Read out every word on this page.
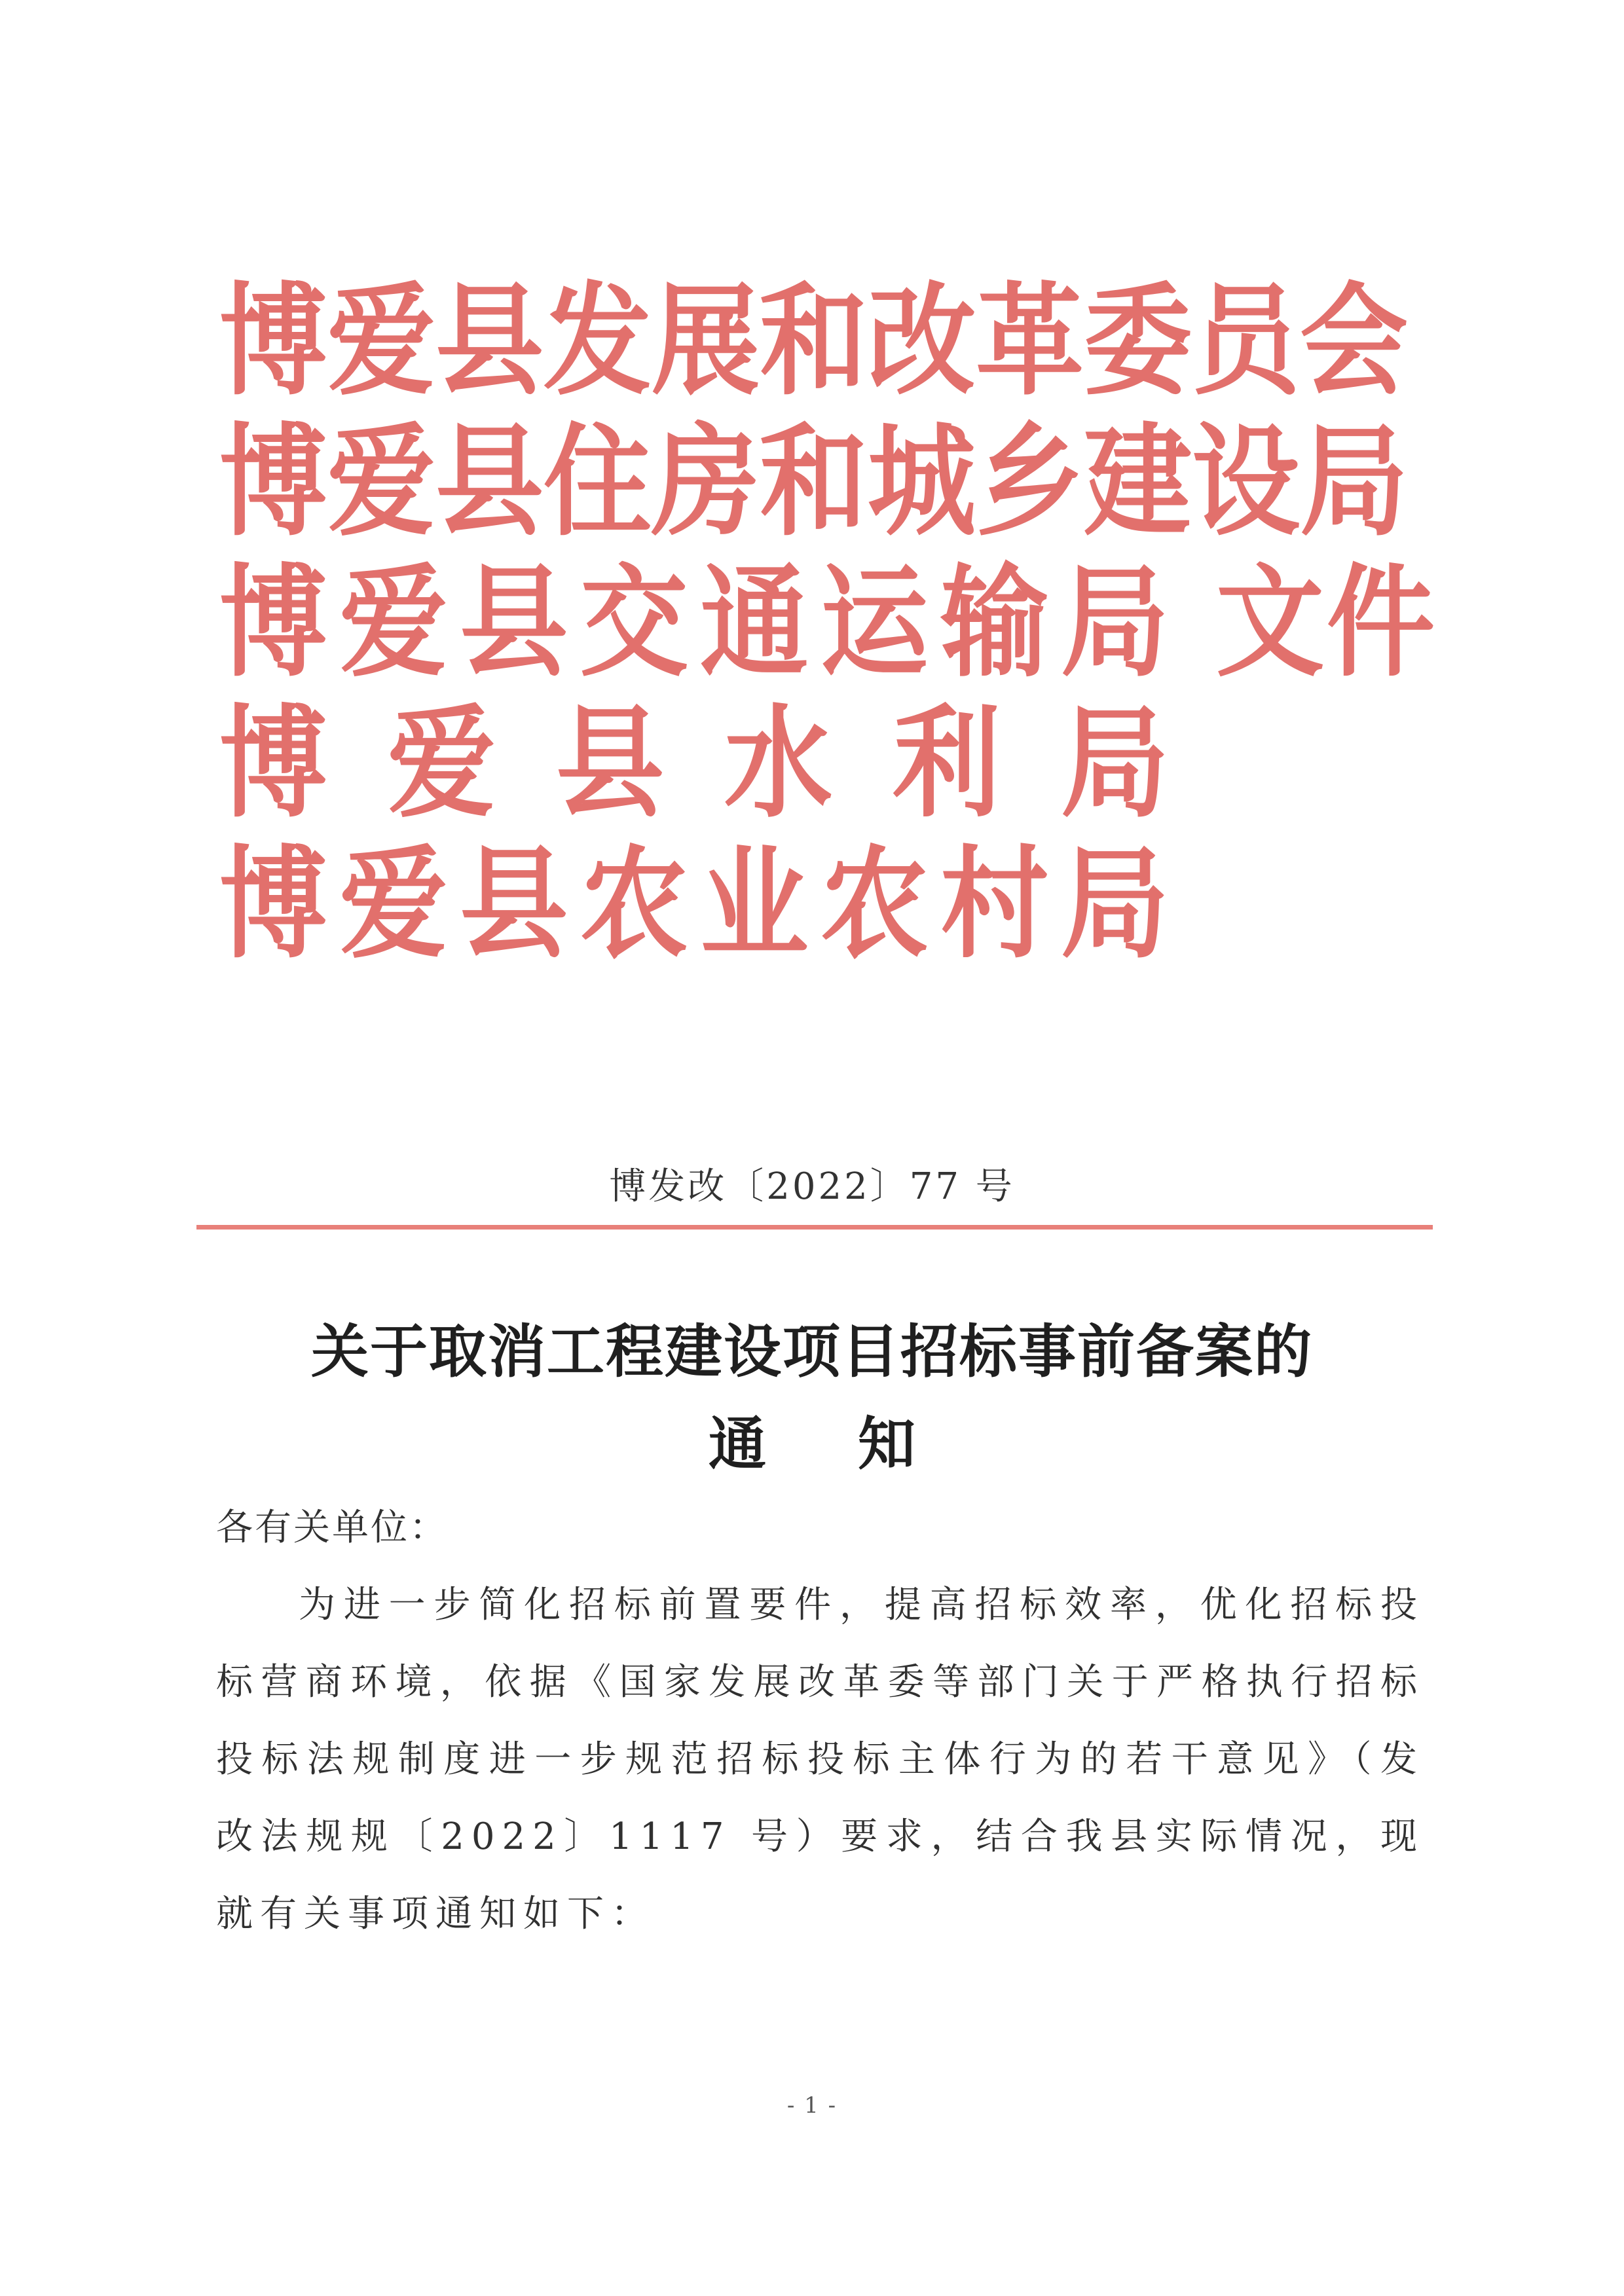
博 爱 县 发 展 和 改 革 委 员 会
博 爱 县 住 房 和 城 乡 建 设 局
博 爱 县 交 通 运 输 局
博 爱 县 水 利 局
博 爱 县 农 业 农 村 局
文件
博发改〔2022〕77 号
关于取消工程建设项目招标事前备案的
通知

各有关单位：

为进一步简化招标前置要件，提高招标效率，优化招标投标营商环境，依据《国家发展改革委等部门关于严格执行招标投标法规制度进一步规范招标投标主体行为的若干意见》（发改法规规〔2022〕1117 号）要求，结合我县实际情况，现就有关事项通知如下：

- 1 -
